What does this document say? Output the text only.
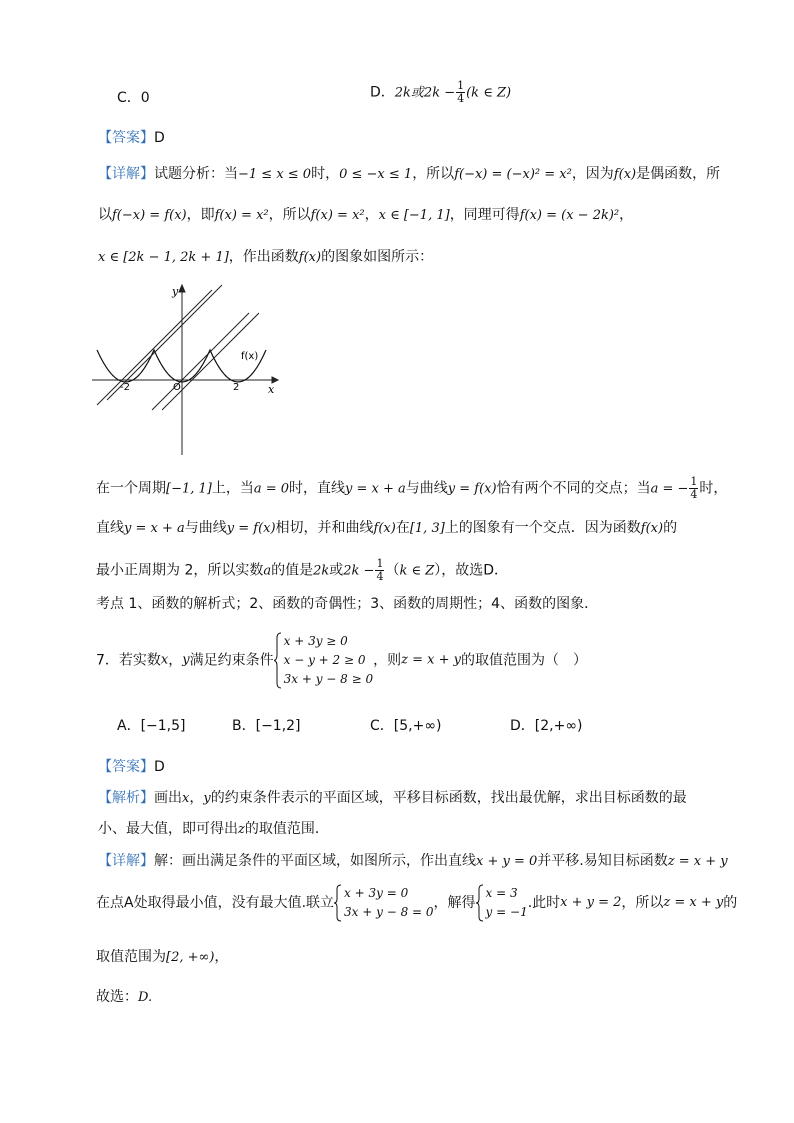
C．0	D．2k或$2k - \frac{1}{4} (k$ ∈ Z)
【答案】D
【详解】试题分析：当−1 ≤ x ≤ 0时，0 ≤ −x ≤ 1，所以f(−x) = (−x)² = x²，因为f(x)是偶函数，所
以f(−x) = f(x)，即f(x) = x²，所以f(x) = x²，x ∈ [−1, 1]，同理可得f(x) = (x − 2k)²，
x ∈ [2k − 1, 2k + 1]，作出函数f(x)的图象如图所示：
y
x
O
-2	2
f(x)
在一个周期[−1, 1]上，当a = 0时，直线y = x + a与曲线y = f(x)恰有两个不同的交点；当a = − $\frac{1}{4}$ 时，
直线y = x + a与曲线y = f(x)相切，并和曲线f(x)在[1, 3]上的图象有一个交点．因为函数f(x)的
最小正周期为 2，所以实数a的值是2k或$2k - \frac{1}{4} (k$ ∈ Z），故选D．
考点 1、函数的解析式；2、函数的奇偶性；3、函数的周期性；4、函数的图象．
7．若实数x，y满足约束条件
x + 3y ≥ 0
x − y + 2 ≥ 0
3x + y − 8 ≥ 0
，则z = x + y的取值范围为（　）
A．[−1,5]	B．[−1,2]	C．[5,+∞)	D．[2,+∞)
【答案】D
【解析】画出x，y的约束条件表示的平面区域，平移目标函数，找出最优解，求出目标函数的最
小、最大值，即可得出z的取值范围．
【详解】解：画出满足条件的平面区域，如图所示，作出直线x + y = 0并平移.易知目标函数z = x + y
在点A处取得最小值，没有最大值.联立
x + 3y = 0
3x + y − 8 = 0
，解得
x = 3
y = −1
.此时x + y = 2，所以z = x + y的
取值范围为[2, +∞)，
故选：D.
